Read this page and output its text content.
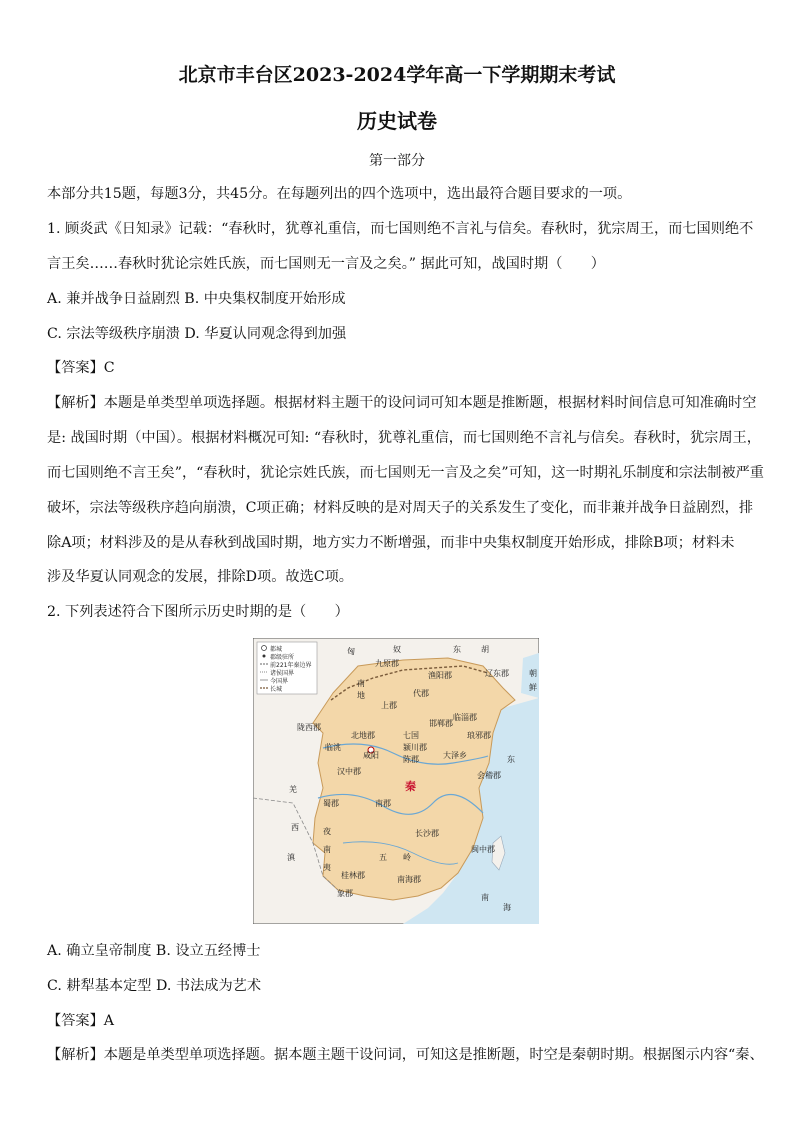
北京市丰台区2023-2024学年高一下学期期末考试
历史试卷
第一部分
本部分共15题，每题3分，共45分。在每题列出的四个选项中，选出最符合题目要求的一项。
1. 顾炎武《日知录》记载：“春秋时，犹尊礼重信，而七国则绝不言礼与信矣。春秋时，犹宗周王，而七国则绝不
言王矣……春秋时犹论宗姓氏族，而七国则无一言及之矣。” 据此可知，战国时期（　　）
A. 兼并战争日益剧烈 B. 中央集权制度开始形成
C. 宗法等级秩序崩溃 D. 华夏认同观念得到加强
【答案】C
【解析】本题是单类型单项选择题。根据材料主题干的设问词可知本题是推断题，根据材料时间信息可知准确时空
是: 战国时期（中国）。根据材料概况可知: “春秋时，犹尊礼重信，而七国则绝不言礼与信矣。春秋时，犹宗周王，
而七国则绝不言王矣”，“春秋时，犹论宗姓氏族，而七国则无一言及之矣”可知，这一时期礼乐制度和宗法制被严重
破坏，宗法等级秩序趋向崩溃，C项正确；材料反映的是对周天子的关系发生了变化，而非兼并战争日益剧烈，排
除A项；材料涉及的是从春秋到战国时期，地方实力不断增强，而非中央集权制度开始形成，排除B项；材料未
涉及华夏认同观念的发展，排除D项。故选C项。
2. 下列表述符合下图所示历史时期的是（　　）
都城
郡级驻所
前221年秦边界
诸侯国界
今国界
长城
秦
东	胡
匈	奴
朝
鲜
九原郡
渔阳郡	辽东郡
南
地	代郡
上郡
陇西郡
临洮
北地郡
咸阳
邯郸郡
临淄郡
琅邪郡
七国
颍川郡
陈郡	大泽乡
汉中郡
蜀郡	南郡
会稽郡
羌
长沙郡
西	夜
南
夷
滇
闽中郡
桂林郡	南海郡
象郡
五 岭
南
海
东
A. 确立皇帝制度 B. 设立五经博士
C. 耕犁基本定型 D. 书法成为艺术
【答案】A
【解析】本题是单类型单项选择题。据本题主题干设问词，可知这是推断题，时空是秦朝时期。根据图示内容“秦、
